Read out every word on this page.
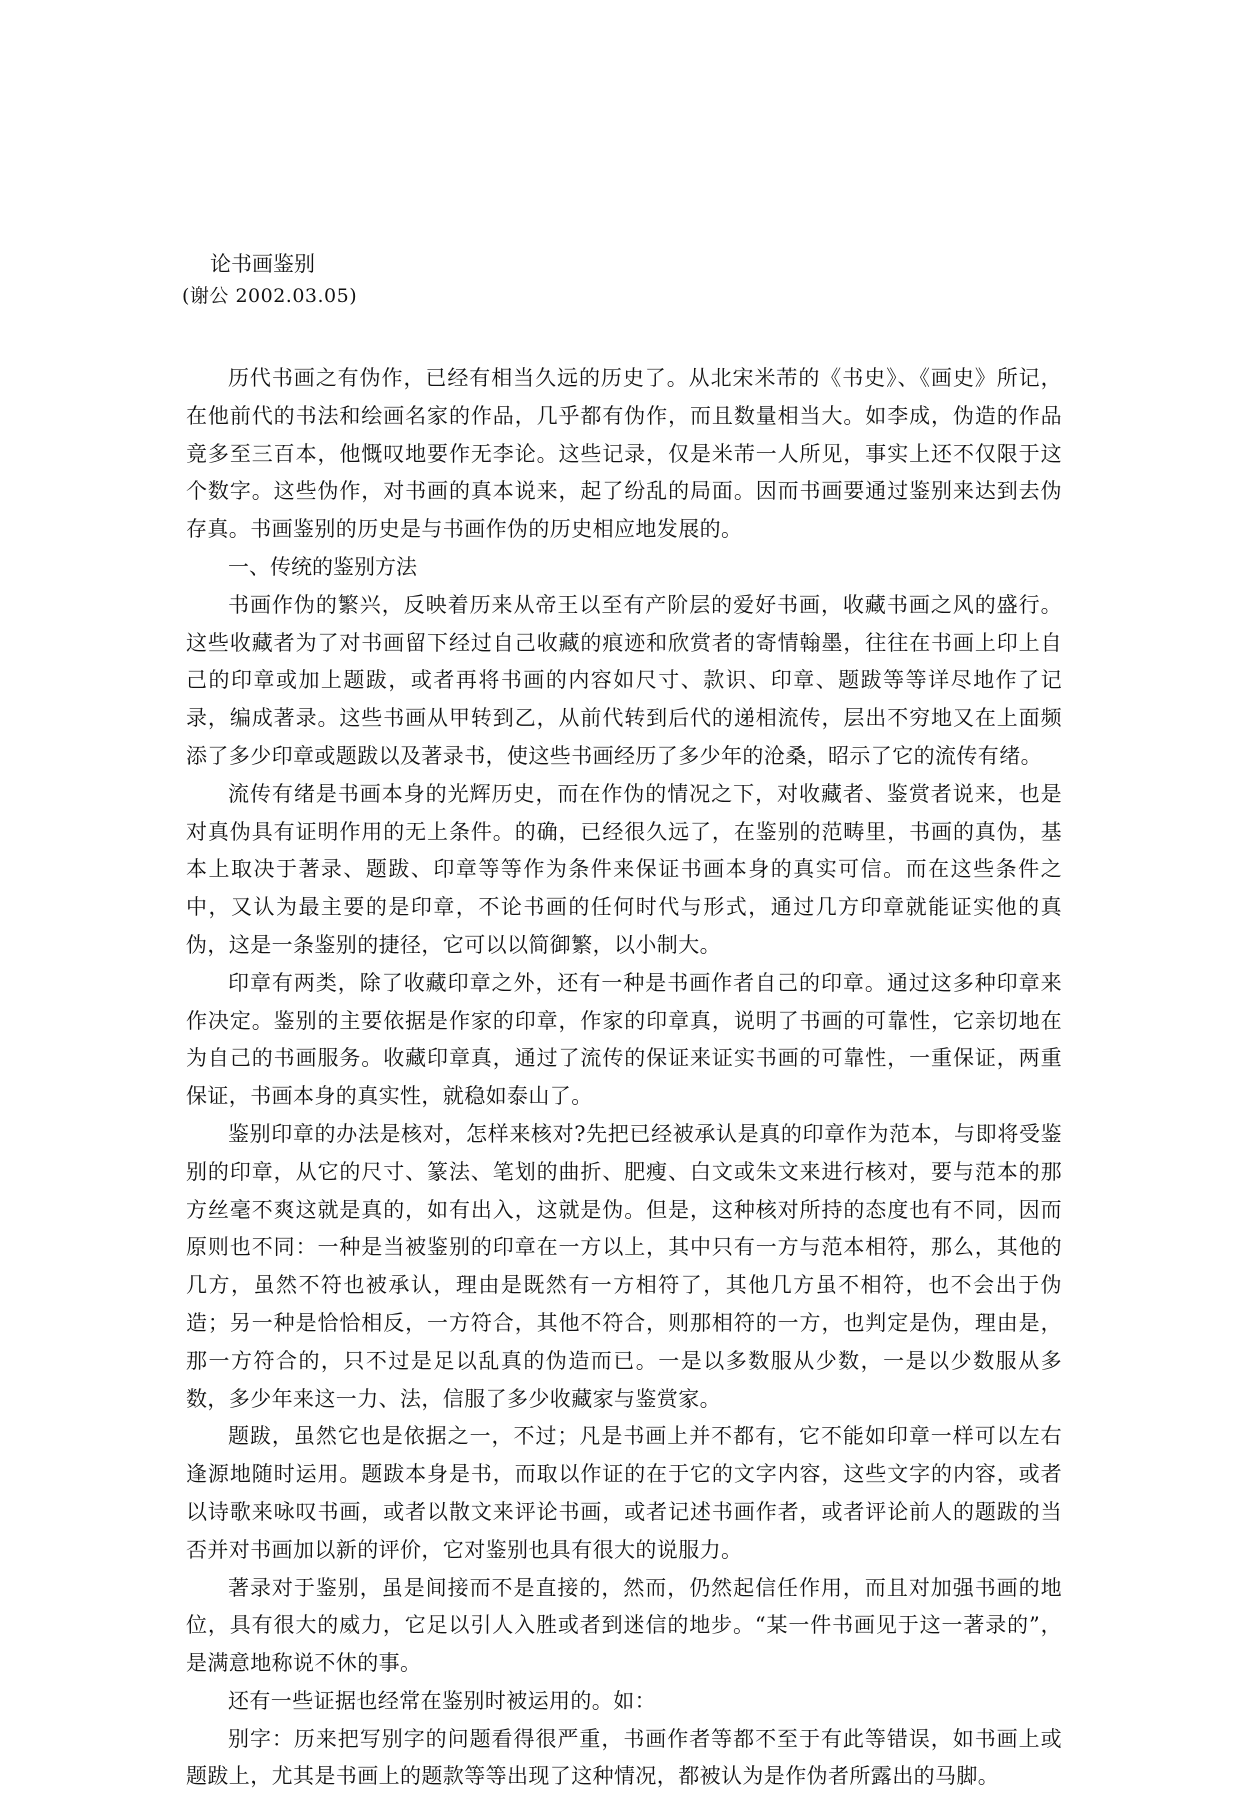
论书画鉴别

(谢公 2002.03.05)

历代书画之有伪作，已经有相当久远的历史了。从北宋米芾的《书史》、《画史》所记，在他前代的书法和绘画名家的作品，几乎都有伪作，而且数量相当大。如李成，伪造的作品竟多至三百本，他慨叹地要作无李论。这些记录，仅是米芾一人所见，事实上还不仅限于这个数字。这些伪作，对书画的真本说来，起了纷乱的局面。因而书画要通过鉴别来达到去伪存真。书画鉴别的历史是与书画作伪的历史相应地发展的。

一、传统的鉴别方法

书画作伪的繁兴，反映着历来从帝王以至有产阶层的爱好书画，收藏书画之风的盛行。这些收藏者为了对书画留下经过自己收藏的痕迹和欣赏者的寄情翰墨，往往在书画上印上自己的印章或加上题跋，或者再将书画的内容如尺寸、款识、印章、题跋等等详尽地作了记录，编成著录。这些书画从甲转到乙，从前代转到后代的递相流传，层出不穷地又在上面频添了多少印章或题跋以及著录书，使这些书画经历了多少年的沧桑，昭示了它的流传有绪。

流传有绪是书画本身的光辉历史，而在作伪的情况之下，对收藏者、鉴赏者说来，也是对真伪具有证明作用的无上条件。的确，已经很久远了，在鉴别的范畴里，书画的真伪，基本上取决于著录、题跋、印章等等作为条件来保证书画本身的真实可信。而在这些条件之中，又认为最主要的是印章，不论书画的任何时代与形式，通过几方印章就能证实他的真伪，这是一条鉴别的捷径，它可以以简御繁，以小制大。

印章有两类，除了收藏印章之外，还有一种是书画作者自己的印章。通过这多种印章来作决定。鉴别的主要依据是作家的印章，作家的印章真，说明了书画的可靠性，它亲切地在为自己的书画服务。收藏印章真，通过了流传的保证来证实书画的可靠性，一重保证，两重保证，书画本身的真实性，就稳如泰山了。

鉴别印章的办法是核对，怎样来核对?先把已经被承认是真的印章作为范本，与即将受鉴别的印章，从它的尺寸、篆法、笔划的曲折、肥瘦、白文或朱文来进行核对，要与范本的那方丝毫不爽这就是真的，如有出入，这就是伪。但是，这种核对所持的态度也有不同，因而原则也不同：一种是当被鉴别的印章在一方以上，其中只有一方与范本相符，那么，其他的几方，虽然不符也被承认，理由是既然有一方相符了，其他几方虽不相符，也不会出于伪造；另一种是恰恰相反，一方符合，其他不符合，则那相符的一方，也判定是伪，理由是，那一方符合的，只不过是足以乱真的伪造而已。一是以多数服从少数，一是以少数服从多数，多少年来这一力、法，信服了多少收藏家与鉴赏家。

题跋，虽然它也是依据之一，不过；凡是书画上并不都有，它不能如印章一样可以左右逢源地随时运用。题跋本身是书，而取以作证的在于它的文字内容，这些文字的内容，或者以诗歌来咏叹书画，或者以散文来评论书画，或者记述书画作者，或者评论前人的题跋的当否并对书画加以新的评价，它对鉴别也具有很大的说服力。

著录对于鉴别，虽是间接而不是直接的，然而，仍然起信任作用，而且对加强书画的地位，具有很大的威力，它足以引人入胜或者到迷信的地步。“某一件书画见于这一著录的”，是满意地称说不休的事。

还有一些证据也经常在鉴别时被运用的。如：

别字：历来把写别字的问题看得很严重，书画作者等都不至于有此等错误，如书画上或题跋上，尤其是书画上的题款等等出现了这种情况，都被认为是作伪者所露出的马脚。
